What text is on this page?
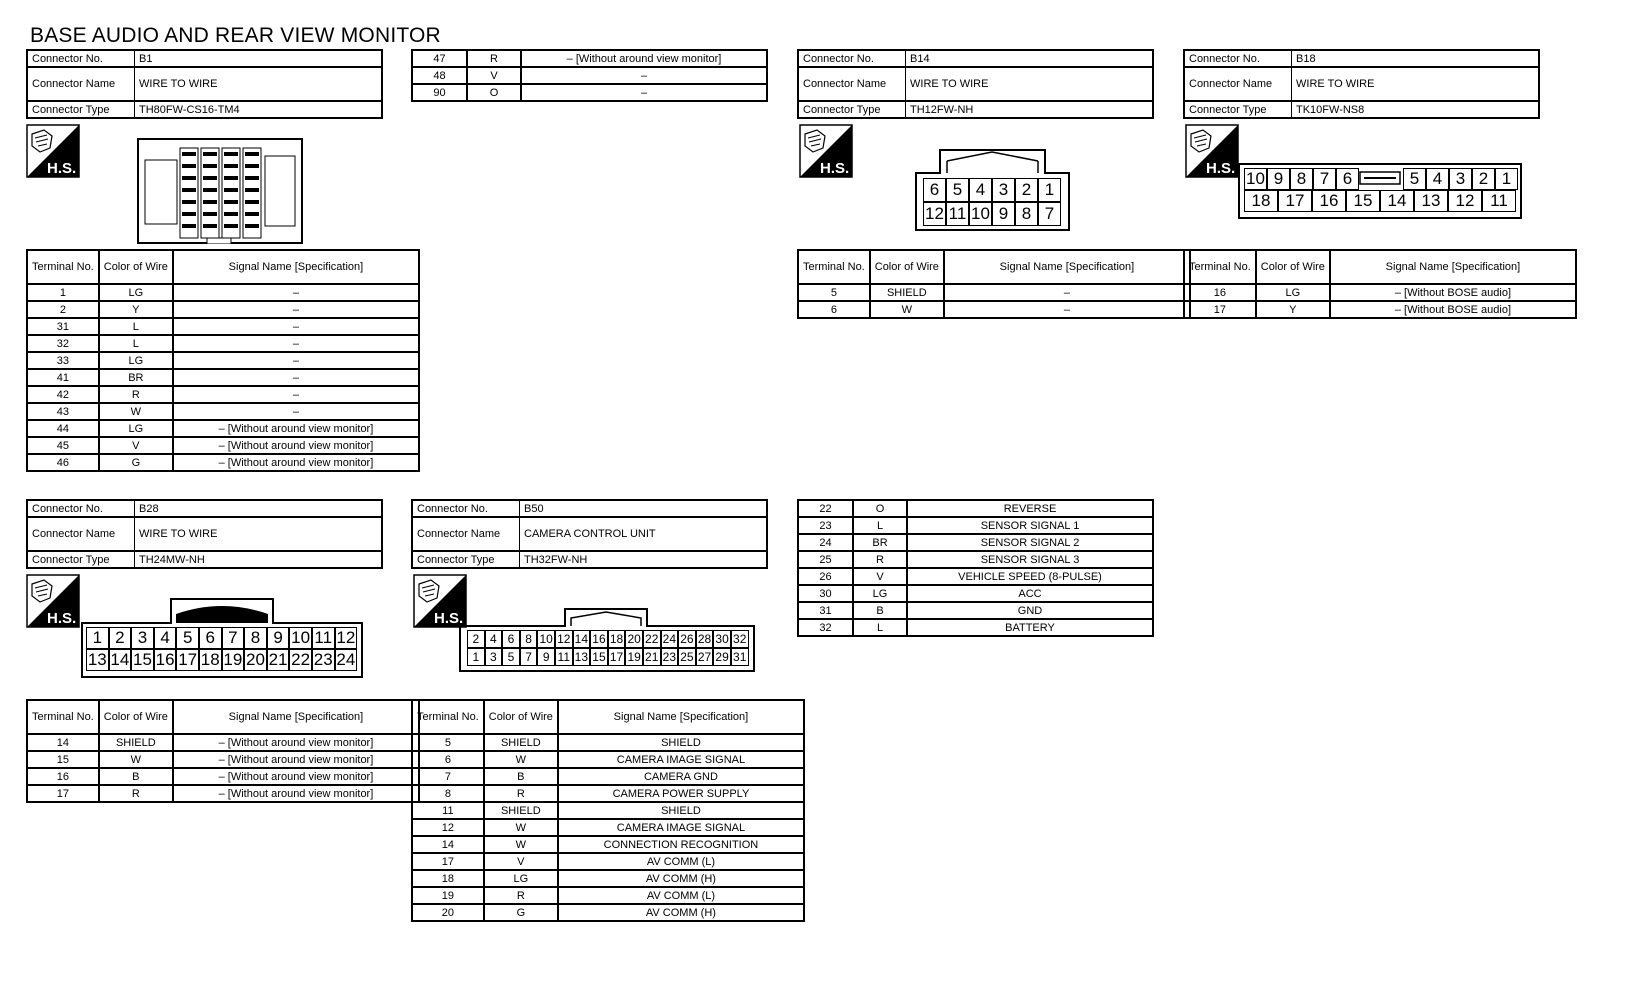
BASE AUDIO AND REAR VIEW MONITOR
Connector No.	B1
Connector Name	WIRE TO WIRE
Connector Type	TH80FW-CS16-TM4
H.S.
Terminal No.	Color of Wire	Signal Name [Specification]
1	LG	–
2	Y	–
31	L	–
32	L	–
33	LG	–
41	BR	–
42	R	–
43	W	–
44	LG	– [Without around view monitor]
45	V	– [Without around view monitor]
46	G	– [Without around view monitor]
47	R	– [Without around view monitor]
48	V	–
90	O	–
Connector No.	B14
Connector Name	WIRE TO WIRE
Connector Type	TH12FW-NH
H.S.
6 5 4 3 2 1
12 11 10 9 8 7
Terminal No.	Color of Wire	Signal Name [Specification]
5	SHIELD	–
6	W	–
Connector No.	B18
Connector Name	WIRE TO WIRE
Connector Type	TK10FW-NS8
H.S.
10 9 8 7 6	5 4 3 2 1
18 17 16 15 14 13 12 11
Terminal No.	Color of Wire	Signal Name [Specification]
16	LG	– [Without BOSE audio]
17	Y	– [Without BOSE audio]
Connector No.	B28
Connector Name	WIRE TO WIRE
Connector Type	TH24MW-NH
H.S.
1 2 3 4 5 6 7 8 9 10 11 12
13 14 15 16 17 18 19 20 21 22 23 24
Terminal No.	Color of Wire	Signal Name [Specification]
14	SHIELD	– [Without around view monitor]
15	W	– [Without around view monitor]
16	B	– [Without around view monitor]
17	R	– [Without around view monitor]
Connector No.	B50
Connector Name	CAMERA CONTROL UNIT
Connector Type	TH32FW-NH
H.S.
2 4 6 8 10 12 14 16 18 20 22 24 26 28 30 32
1 3 5 7 9 11 13 15 17 19 21 23 25 27 29 31
Terminal No.	Color of Wire	Signal Name [Specification]
5	SHIELD	SHIELD
6	W	CAMERA IMAGE SIGNAL
7	B	CAMERA GND
8	R	CAMERA POWER SUPPLY
11	SHIELD	SHIELD
12	W	CAMERA IMAGE SIGNAL
14	W	CONNECTION RECOGNITION
17	V	AV COMM (L)
18	LG	AV COMM (H)
19	R	AV COMM (L)
20	G	AV COMM (H)
22	O	REVERSE
23	L	SENSOR SIGNAL 1
24	BR	SENSOR SIGNAL 2
25	R	SENSOR SIGNAL 3
26	V	VEHICLE SPEED (8-PULSE)
30	LG	ACC
31	B	GND
32	L	BATTERY
